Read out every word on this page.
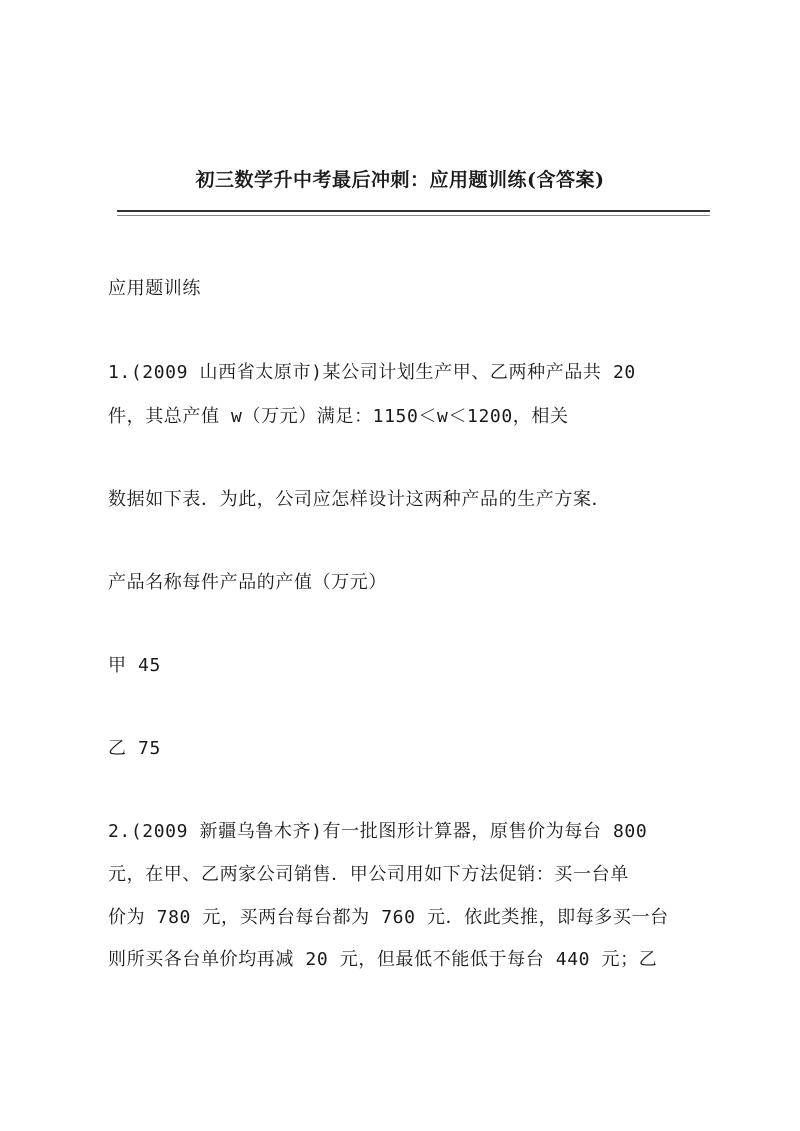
初三数学升中考最后冲刺：应用题训练(含答案)
应用题训练
1.(2009 山西省太原市)某公司计划生产甲、乙两种产品共 20
件，其总产值 w（万元）满足：1150＜w＜1200，相关
数据如下表．为此，公司应怎样设计这两种产品的生产方案．
产品名称每件产品的产值（万元）
甲 45
乙 75
2.(2009 新疆乌鲁木齐)有一批图形计算器，原售价为每台 800
元，在甲、乙两家公司销售．甲公司用如下方法促销：买一台单
价为 780 元，买两台每台都为 760 元．依此类推，即每多买一台
则所买各台单价均再减 20 元，但最低不能低于每台 440 元；乙
